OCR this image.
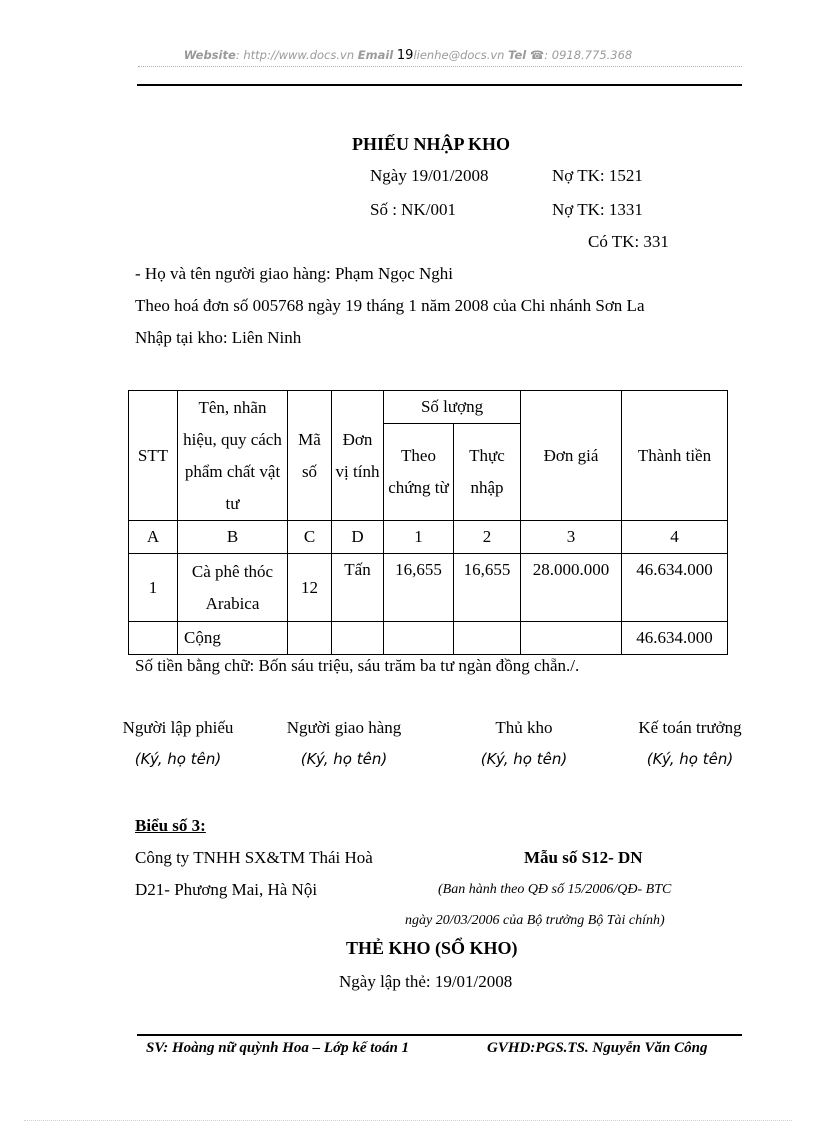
Website: http://www.docs.vn Email 19lienhe@docs.vn Tel ☎: 0918.775.368
PHIẾU NHẬP KHO
Ngày 19/01/2008	Nợ TK: 1521
Số : NK/001	Nợ TK: 1331
Có TK: 331
- Họ và tên người giao hàng: Phạm Ngọc Nghi
Theo hoá đơn số 005768 ngày 19 tháng 1 năm 2008 của Chi nhánh Sơn La
Nhập tại kho: Liên Ninh
STT	Tên, nhãn hiệu, quy cách phẩm chất vật tư	Mã số	Đơn vị tính	Số lượng		Đơn giá	Thành tiền
				Theo chứng từ	Thực nhập		
A	B	C	D	1	2	3	4
1	Cà phê thóc Arabica	12	Tấn	16,655	16,655	28.000.000	46.634.000
	Cộng						46.634.000
Số tiền bằng chữ: Bốn sáu triệu, sáu trăm ba tư ngàn đồng chẵn./.
Người lập phiếu
(Ký, họ tên)
Người giao hàng
(Ký, họ tên)
Thủ kho
(Ký, họ tên)
Kế toán trưởng
(Ký, họ tên)
Biểu số 3:
Công ty TNHH SX&TM Thái Hoà	Mẫu số S12- DN
D21- Phương Mai, Hà Nội	(Ban hành theo QĐ số 15/2006/QĐ- BTC
ngày 20/03/2006 của Bộ trưởng Bộ Tài chính)
THẺ KHO (SỔ KHO)
Ngày lập thẻ: 19/01/2008
SV: Hoàng nữ quỳnh Hoa – Lớp kế toán 1	GVHD:PGS.TS. Nguyễn Văn Công
